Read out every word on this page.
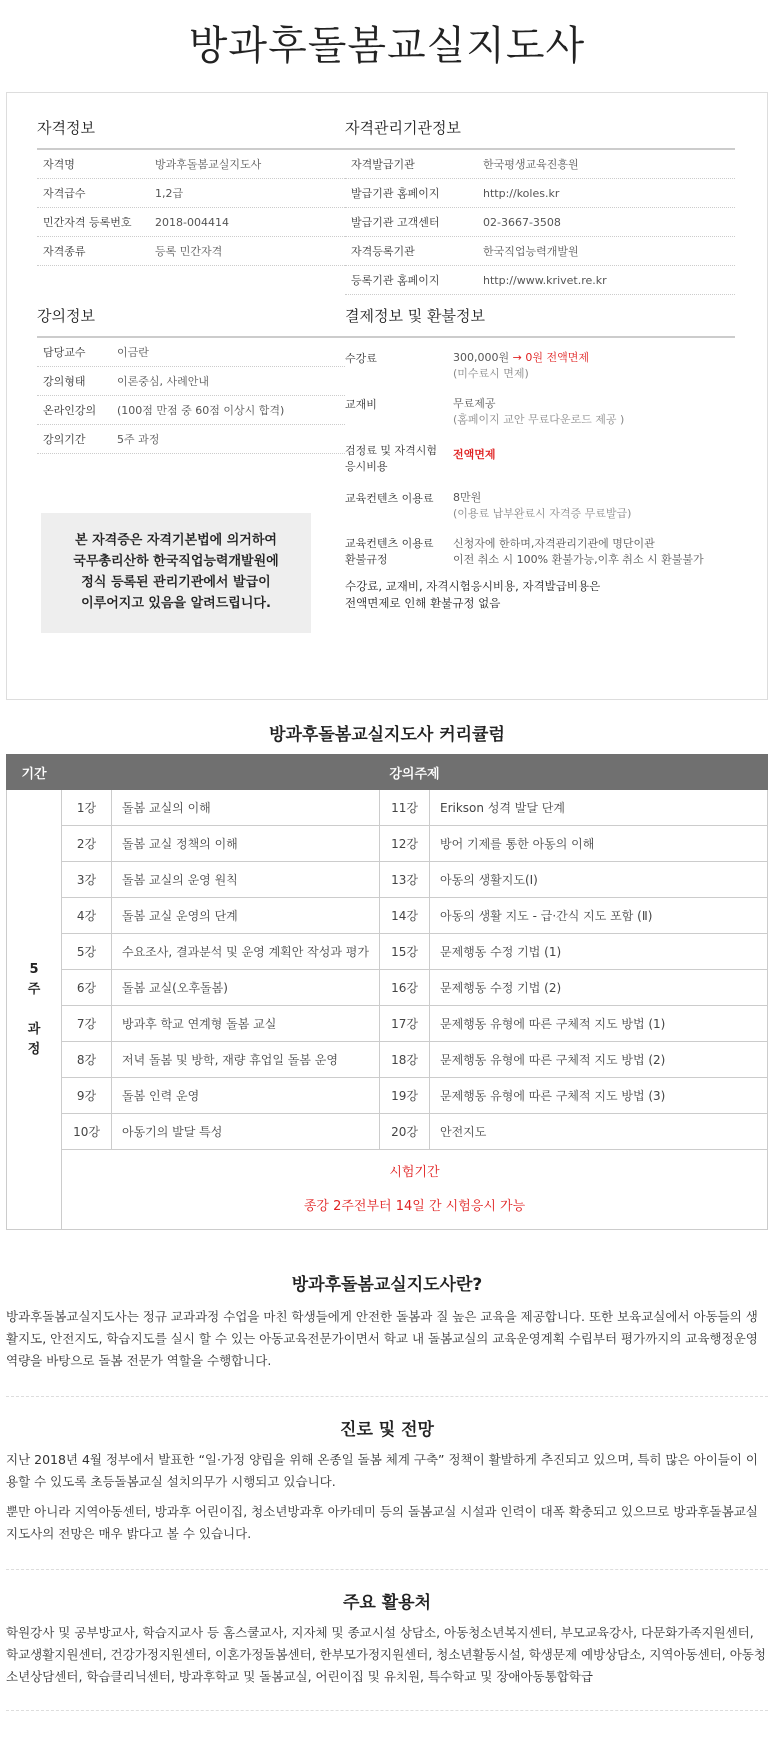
방과후돌봄교실지도사
자격정보
자격명	방과후돌봄교실지도사
자격급수	1,2급
민간자격 등록번호	2018-004414
자격종류	등록 민간자격
자격관리기관정보
자격발급기관	한국평생교육진흥원
발급기관 홈페이지	http://koles.kr
발급기관 고객센터	02-3667-3508
자격등록기관	한국직업능력개발원
등록기관 홈페이지	http://www.krivet.re.kr
강의정보
담당교수	이금란
강의형태	이론중심, 사례안내
온라인강의	(100점 만점 중 60점 이상시 합격)
강의기간	5주 과정
본 자격증은 자격기본법에 의거하여
국무총리산하 한국직업능력개발원에
정식 등록된 관리기관에서 발급이
이루어지고 있음을 알려드립니다.
결제정보 및 환불정보
수강료	300,000원 → 0원 전액면제
(미수료시 면제)
교재비	무료제공
(홈페이지 교안 무료다운로드 제공 )
검정료 및 자격시험
응시비용
전액면제
교육컨텐츠 이용료	8만원
(이용료 납부완료시 자격증 무료발급)
교육컨텐츠 이용료
환불규정
신청자에 한하며,자격관리기관에 명단이관
이전 취소 시 100% 환불가능,이후 취소 시 환불불가
수강료, 교재비, 자격시험응시비용, 자격발급비용은
전액면제로 인해 환불규정 없음
방과후돌봄교실지도사 커리큘럼
기간	강의주제			

5
주
과
정	1강	돌봄 교실의 이해	11강	Erikson 성격 발달 단계
	2강	돌봄 교실 정책의 이해	12강	방어 기제를 통한 아동의 이해
	3강	돌봄 교실의 운영 원칙	13강	아동의 생활지도(Ⅰ)
	4강	돌봄 교실 운영의 단계	14강	아동의 생활 지도 - 급·간식 지도 포함 (Ⅱ)
	5강	수요조사, 결과분석 및 운영 계획안 작성과 평가	15강	문제행동 수정 기법 (1)
	6강	돌봄 교실(오후돌봄)	16강	문제행동 수정 기법 (2)
	7강	방과후 학교 연계형 돌봄 교실	17강	문제행동 유형에 따른 구체적 지도 방법 (1)
	8강	저녁 돌봄 및 방학, 재량 휴업일 돌봄 운영	18강	문제행동 유형에 따른 구체적 지도 방법 (2)
	9강	돌봄 인력 운영	19강	문제행동 유형에 따른 구체적 지도 방법 (3)
	10강	아동기의 발달 특성	20강	안전지도

	시험기간
종강 2주전부터 14일 간 시험응시 가능			
방과후돌봄교실지도사란?

방과후돌봄교실지도사는 정규 교과과정 수업을 마친 학생들에게 안전한 돌봄과 질 높은 교육을 제공합니다. 또한 보육교실에서 아동들의 생활지도, 안전지도, 학습지도를 실시 할 수 있는 아동교육전문가이면서 학교 내 돌봄교실의 교육운영계획 수립부터 평가까지의 교육행정운영 역량을 바탕으로 돌봄 전문가 역할을 수행합니다.

진로 및 전망

지난 2018년 4월 정부에서 발표한 “일·가정 양립을 위해 온종일 돌봄 체계 구축” 정책이 활발하게 추진되고 있으며, 특히 많은 아이들이 이용할 수 있도록 초등돌봄교실 설치의무가 시행되고 있습니다.

뿐만 아니라 지역아동센터, 방과후 어린이집, 청소년방과후 아카데미 등의 돌봄교실 시설과 인력이 대폭 확충되고 있으므로 방과후돌봄교실지도사의 전망은 매우 밝다고 볼 수 있습니다.

주요 활용처

학원강사 및 공부방교사, 학습지교사 등 홈스쿨교사, 지자체 및 종교시설 상담소, 아동청소년복지센터, 부모교육강사, 다문화가족지원센터, 학교생활지원센터, 건강가정지원센터, 이혼가정돌봄센터, 한부모가정지원센터, 청소년활동시설, 학생문제 예방상담소, 지역아동센터, 아동청소년상담센터, 학습클리닉센터, 방과후학교 및 돌봄교실, 어린이집 및 유치원, 특수학교 및 장애아동통합학급
